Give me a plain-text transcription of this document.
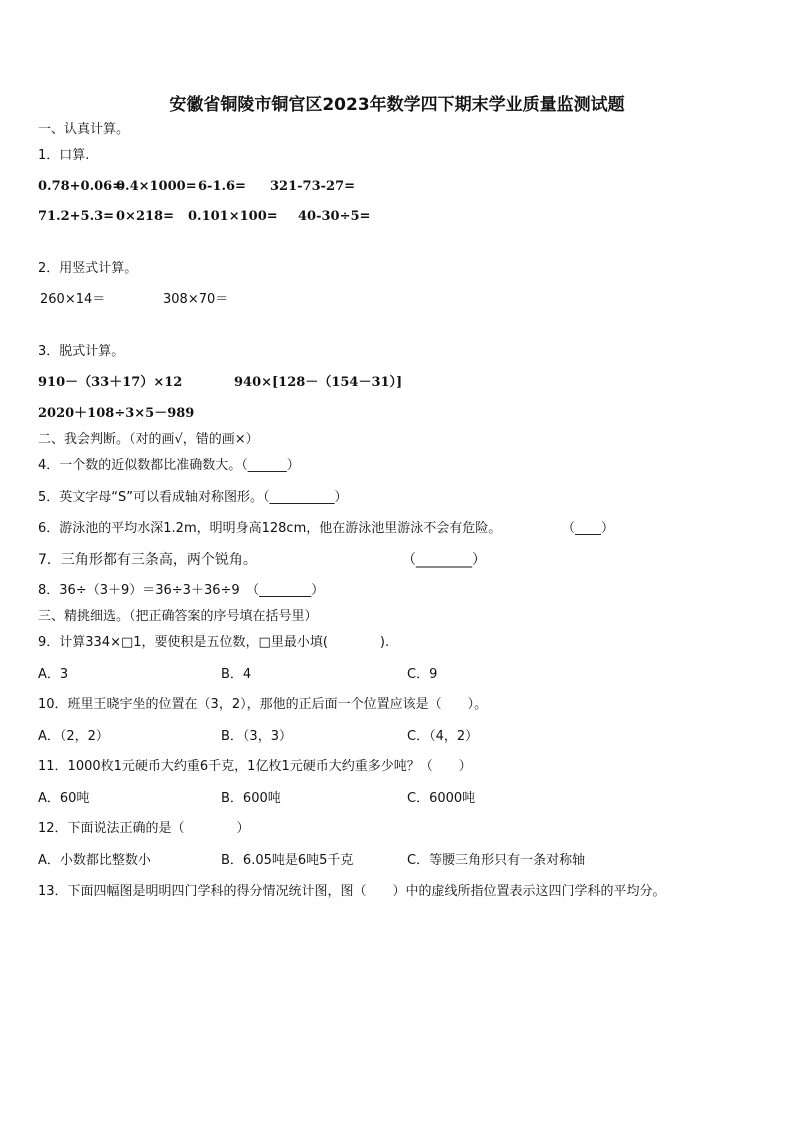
安徽省铜陵市铜官区2023年数学四下期末学业质量监测试题
一、认真计算。
1．口算.
0.78+0.06=
0.4×1000= 6-1.6= 321-73-27=
71.2+5.3= 0×218= 0.101×100= 40-30÷5=
2．用竖式计算。
260×14＝	308×70＝
3．脱式计算。
910－（33＋17）×12	940×[128－（154－31）]
2020＋108÷3×5－989
二、我会判断。（对的画√，错的画×）
4．一个数的近似数都比准确数大。（______）
5．英文字母“S”可以看成轴对称图形。（__________）
6．游泳池的平均水深1.2m，明明身高128cm，他在游泳池里游泳不会有危险。	（____）
7．三角形都有三条高，两个锐角。	（________）
8．36÷（3＋9）＝36÷3＋36÷9　（________）
三、精挑细选。（把正确答案的序号填在括号里）
9．计算334×□1，要使积是五位数，□里最小填(　　　　).
A．3	B．4	C．9
10．班里王晓宇坐的位置在（3，2），那他的正后面一个位置应该是（　　）。
A．（2，2）	B．（3，3）	C．（4，2）
11．1000枚1元硬币大约重6千克，1亿枚1元硬币大约重多少吨？（　　）
A．60吨	B．600吨	C．6000吨
12．下面说法正确的是（　　　　）
A．小数都比整数小	B．6.05吨是6吨5千克	C．等腰三角形只有一条对称轴
13．下面四幅图是明明四门学科的得分情况统计图，图（　　）中的虚线所指位置表示这四门学科的平均分。
